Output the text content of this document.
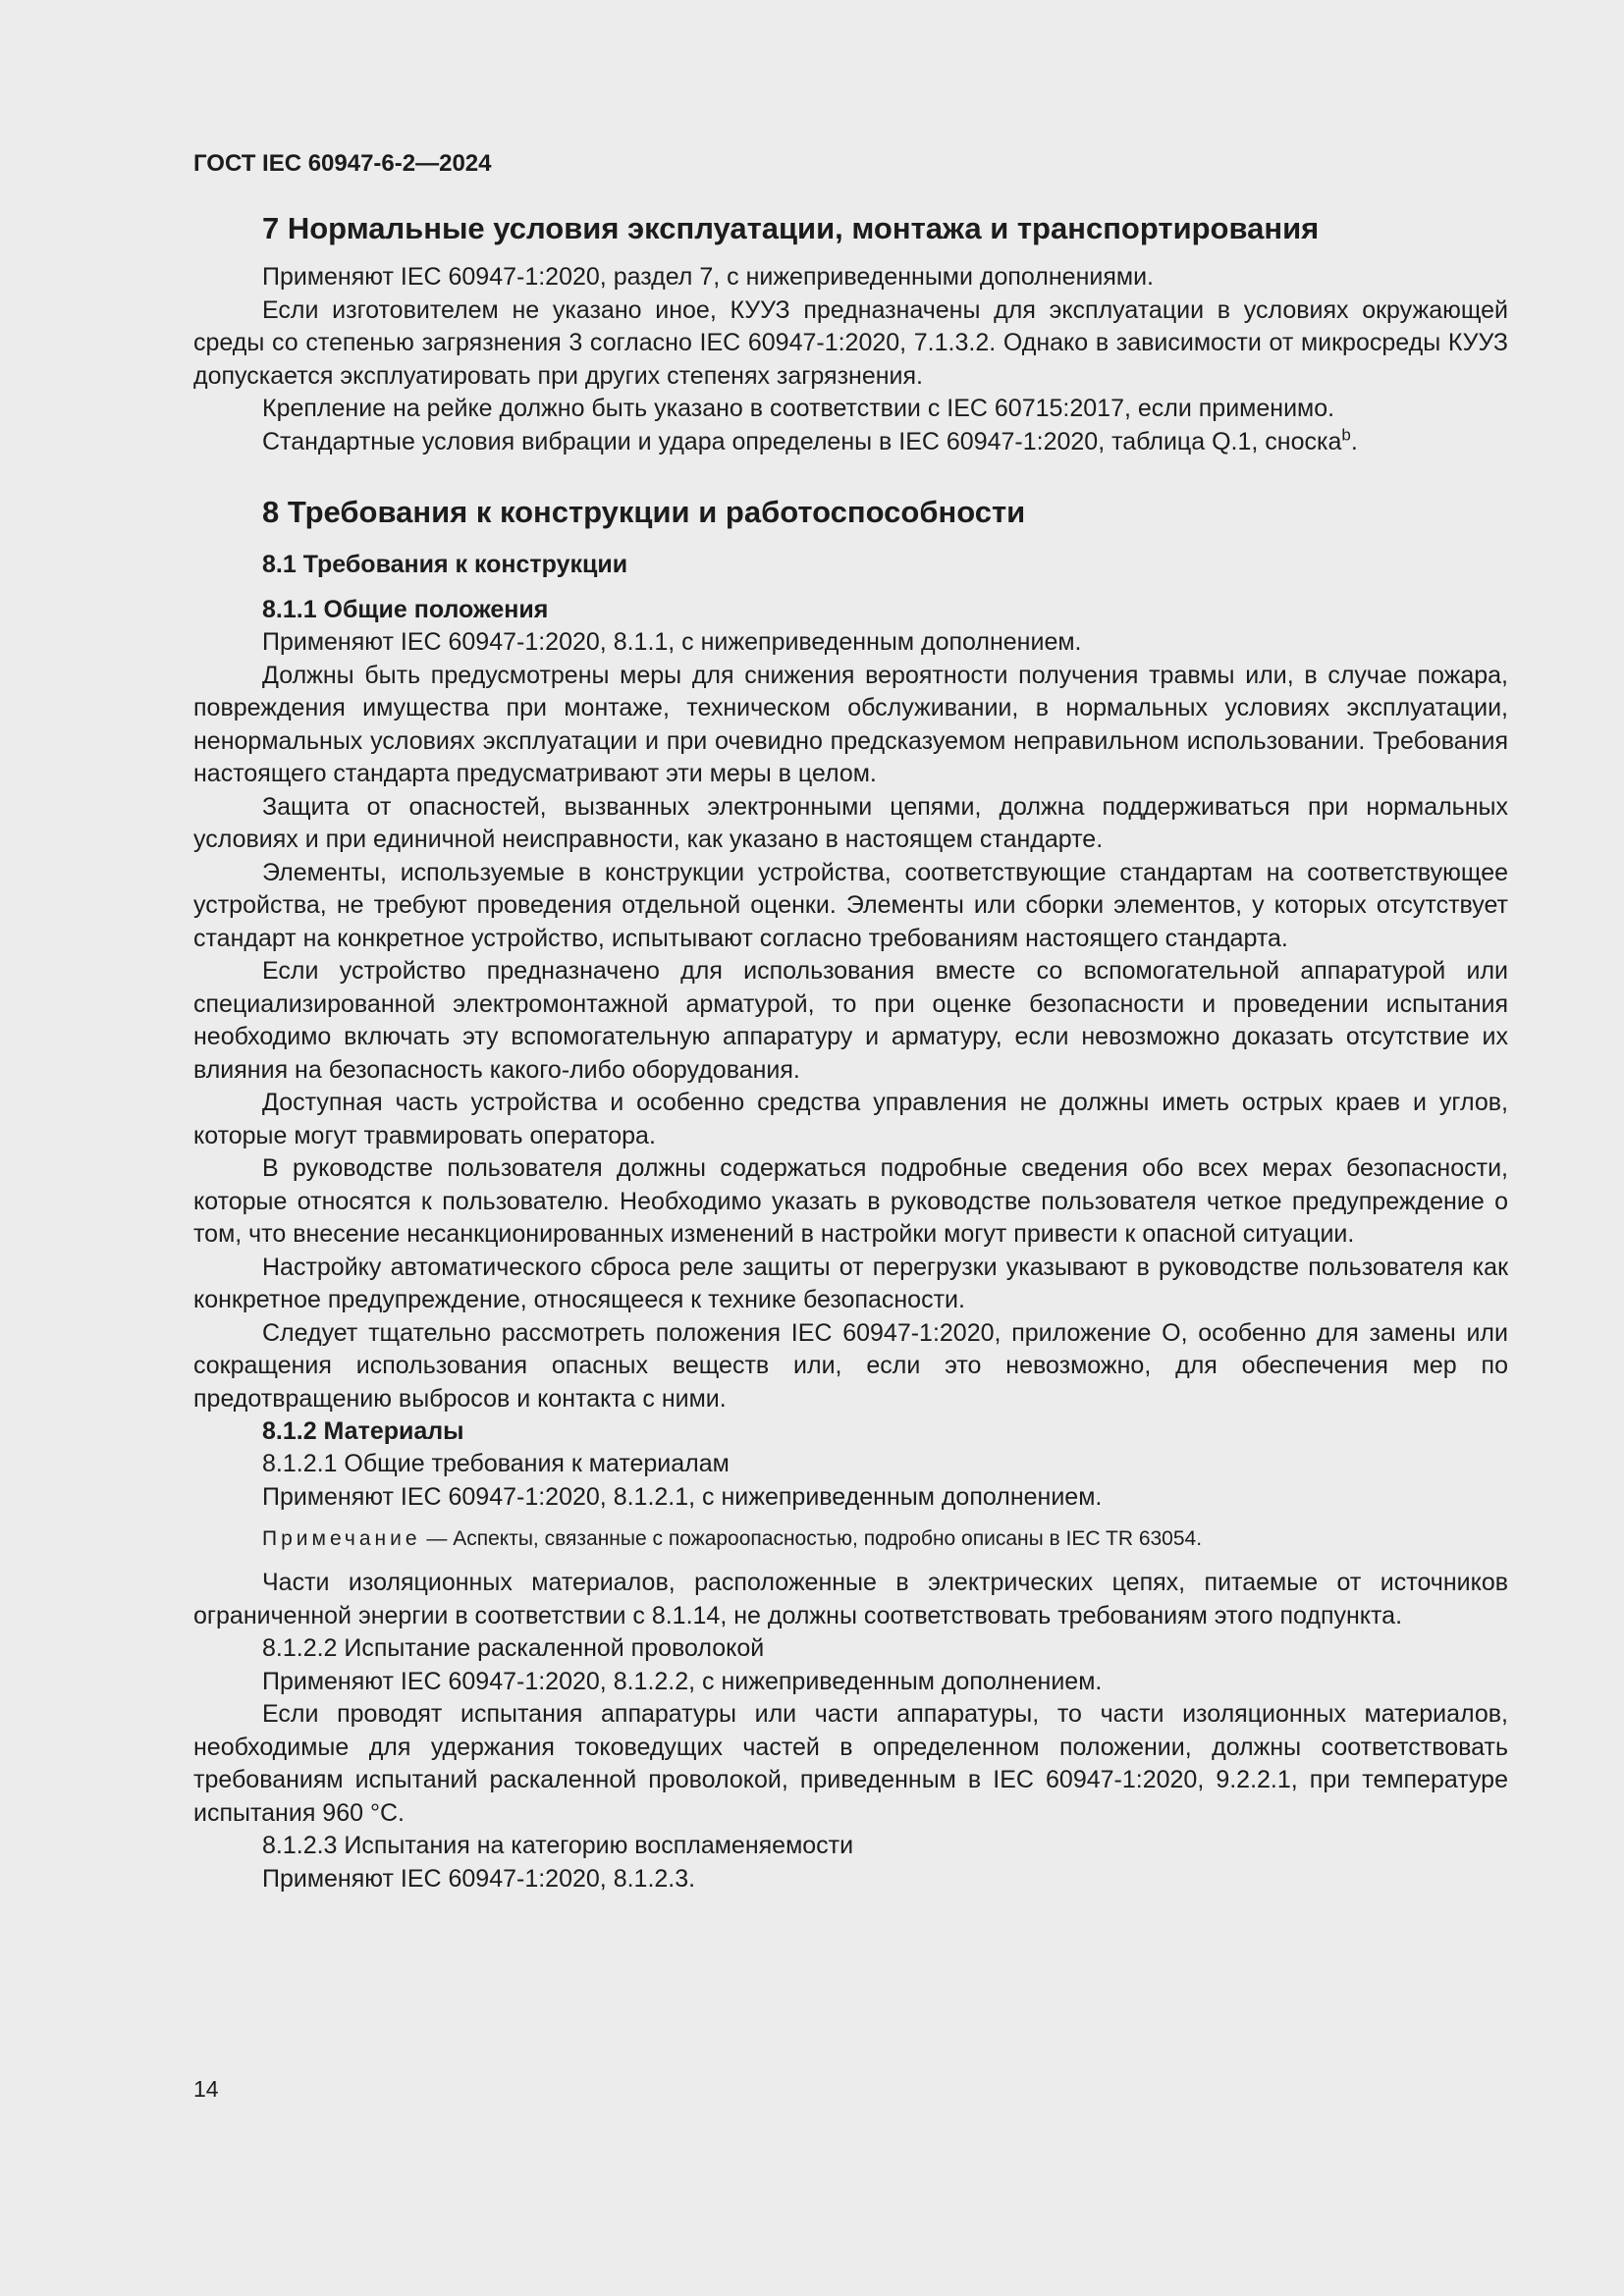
ГОСТ IEC 60947-6-2—2024
7 Нормальные условия эксплуатации, монтажа и транспортирования

Применяют IEC 60947-1:2020, раздел 7, с нижеприведенными дополнениями.

Если изготовителем не указано иное, КУУЗ предназначены для эксплуатации в условиях окружающей среды со степенью загрязнения 3 согласно IEC 60947-1:2020, 7.1.3.2. Однако в зависимости от микросреды КУУЗ допускается эксплуатировать при других степенях загрязнения.

Крепление на рейке должно быть указано в соответствии с IEC 60715:2017, если применимо.

Стандартные условия вибрации и удара определены в IEC 60947-1:2020, таблица Q.1, сноска$^b$.

8 Требования к конструкции и работоспособности
8.1 Требования к конструкции
8.1.1 Общие положения

Применяют IEC 60947-1:2020, 8.1.1, с нижеприведенным дополнением.

Должны быть предусмотрены меры для снижения вероятности получения травмы или, в случае пожара, повреждения имущества при монтаже, техническом обслуживании, в нормальных условиях эксплуатации, ненормальных условиях эксплуатации и при очевидно предсказуемом неправильном использовании. Требования настоящего стандарта предусматривают эти меры в целом.

Защита от опасностей, вызванных электронными цепями, должна поддерживаться при нормальных условиях и при единичной неисправности, как указано в настоящем стандарте.

Элементы, используемые в конструкции устройства, соответствующие стандартам на соответствующее устройства, не требуют проведения отдельной оценки. Элементы или сборки элементов, у которых отсутствует стандарт на конкретное устройство, испытывают согласно требованиям настоящего стандарта.

Если устройство предназначено для использования вместе со вспомогательной аппаратурой или специализированной электромонтажной арматурой, то при оценке безопасности и проведении испытания необходимо включать эту вспомогательную аппаратуру и арматуру, если невозможно доказать отсутствие их влияния на безопасность какого-либо оборудования.

Доступная часть устройства и особенно средства управления не должны иметь острых краев и углов, которые могут травмировать оператора.

В руководстве пользователя должны содержаться подробные сведения обо всех мерах безопасности, которые относятся к пользователю. Необходимо указать в руководстве пользователя четкое предупреждение о том, что внесение несанкционированных изменений в настройки могут привести к опасной ситуации.

Настройку автоматического сброса реле защиты от перегрузки указывают в руководстве пользователя как конкретное предупреждение, относящееся к технике безопасности.

Следует тщательно рассмотреть положения IEC 60947-1:2020, приложение О, особенно для замены или сокращения использования опасных веществ или, если это невозможно, для обеспечения мер по предотвращению выбросов и контакта с ними.

8.1.2 Материалы
8.1.2.1 Общие требования к материалам

Применяют IEC 60947-1:2020, 8.1.2.1, с нижеприведенным дополнением.

Примечание — Аспекты, связанные с пожароопасностью, подробно описаны в IEC TR 63054.

Части изоляционных материалов, расположенные в электрических цепях, питаемые от источников ограниченной энергии в соответствии с 8.1.14, не должны соответствовать требованиям этого подпункта.

8.1.2.2 Испытание раскаленной проволокой

Применяют IEC 60947-1:2020, 8.1.2.2, с нижеприведенным дополнением.

Если проводят испытания аппаратуры или части аппаратуры, то части изоляционных материалов, необходимые для удержания токоведущих частей в определенном положении, должны соответствовать требованиям испытаний раскаленной проволокой, приведенным в IEC 60947-1:2020, 9.2.2.1, при температуре испытания 960 °С.

8.1.2.3 Испытания на категорию воспламеняемости

Применяют IEC 60947-1:2020, 8.1.2.3.

14
